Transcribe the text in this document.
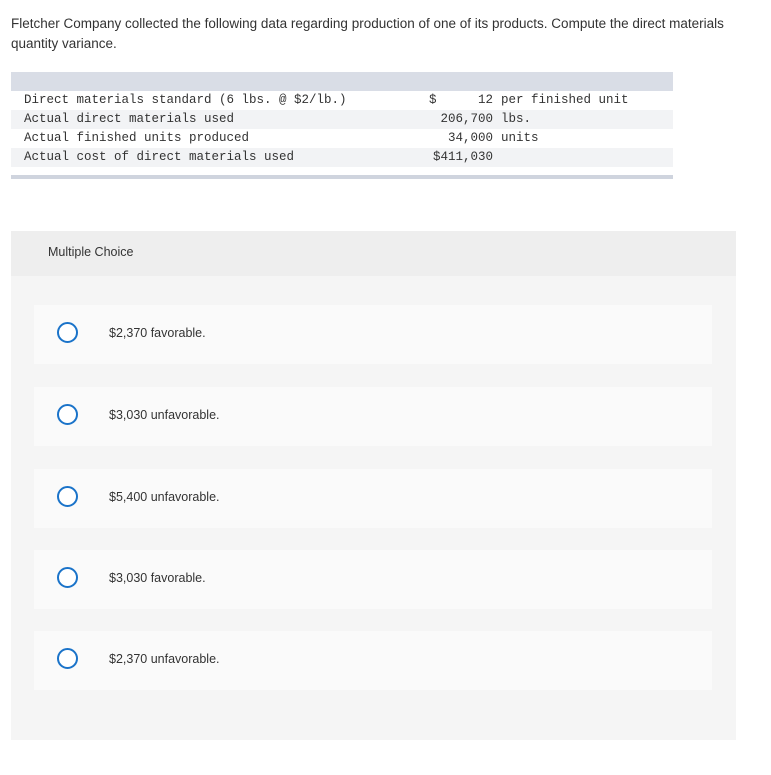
Fletcher Company collected the following data regarding production of one of its products. Compute the direct materials quantity variance.
Direct materials standard (6 lbs. @ $2/lb.)	$	12 per finished unit
Actual direct materials used	206,700 lbs.
Actual finished units produced	34,000 units
Actual cost of direct materials used	$411,030
Multiple Choice
$2,370 favorable.
$3,030 unfavorable.
$5,400 unfavorable.
$3,030 favorable.
$2,370 unfavorable.
